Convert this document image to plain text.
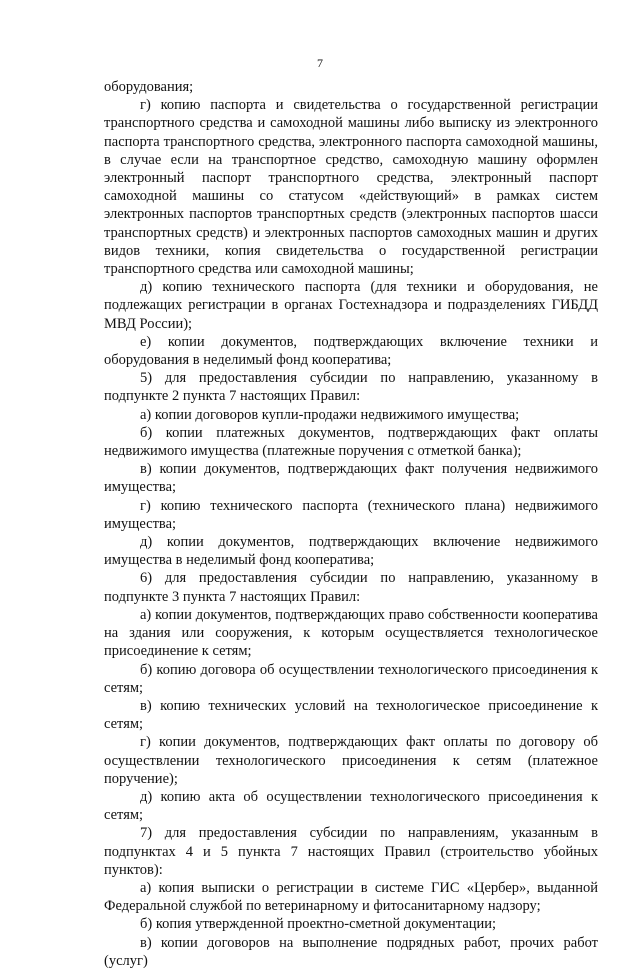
7

оборудования;

г) копию паспорта и свидетельства о государственной регистрации транспортного средства и самоходной машины либо выписку из электронного паспорта транспортного средства, электронного паспорта самоходной машины, в случае если на транспортное средство, самоходную машину оформлен электронный паспорт транспортного средства, электронный паспорт самоходной машины со статусом «действующий» в рамках систем электронных паспортов транспортных средств (электронных паспортов шасси транспортных средств) и электронных паспортов самоходных машин и других видов техники, копия свидетельства о государственной регистрации транспортного средства или самоходной машины;

д) копию технического паспорта (для техники и оборудования, не подлежащих регистрации в органах Гостехнадзора и подразделениях ГИБДД МВД России);

е) копии документов, подтверждающих включение техники и оборудования в неделимый фонд кооператива;

5) для предоставления субсидии по направлению, указанному в подпункте 2 пункта 7 настоящих Правил:

а) копии договоров купли-продажи недвижимого имущества;

б) копии платежных документов, подтверждающих факт оплаты недвижимого имущества (платежные поручения с отметкой банка);

в) копии документов, подтверждающих факт получения недвижимого имущества;

г) копию технического паспорта (технического плана) недвижимого имущества;

д) копии документов, подтверждающих включение недвижимого имущества в неделимый фонд кооператива;

6) для предоставления субсидии по направлению, указанному в подпункте 3 пункта 7 настоящих Правил:

а) копии документов, подтверждающих право собственности кооператива на здания или сооружения, к которым осуществляется технологическое присоединение к сетям;

б) копию договора об осуществлении технологического присоединения к сетям;

в) копию технических условий на технологическое присоединение к сетям;

г) копии документов, подтверждающих факт оплаты по договору об осуществлении технологического присоединения к сетям (платежное поручение);

д) копию акта об осуществлении технологического присоединения к сетям;

7) для предоставления субсидии по направлениям, указанным в подпунктах 4 и 5 пункта 7 настоящих Правил (строительство убойных пунктов):

а) копия выписки о регистрации в системе ГИС «Цербер», выданной Федеральной службой по ветеринарному и фитосанитарному надзору;

б) копия утвержденной проектно-сметной документации;

в) копии договоров на выполнение подрядных работ, прочих работ (услуг)
